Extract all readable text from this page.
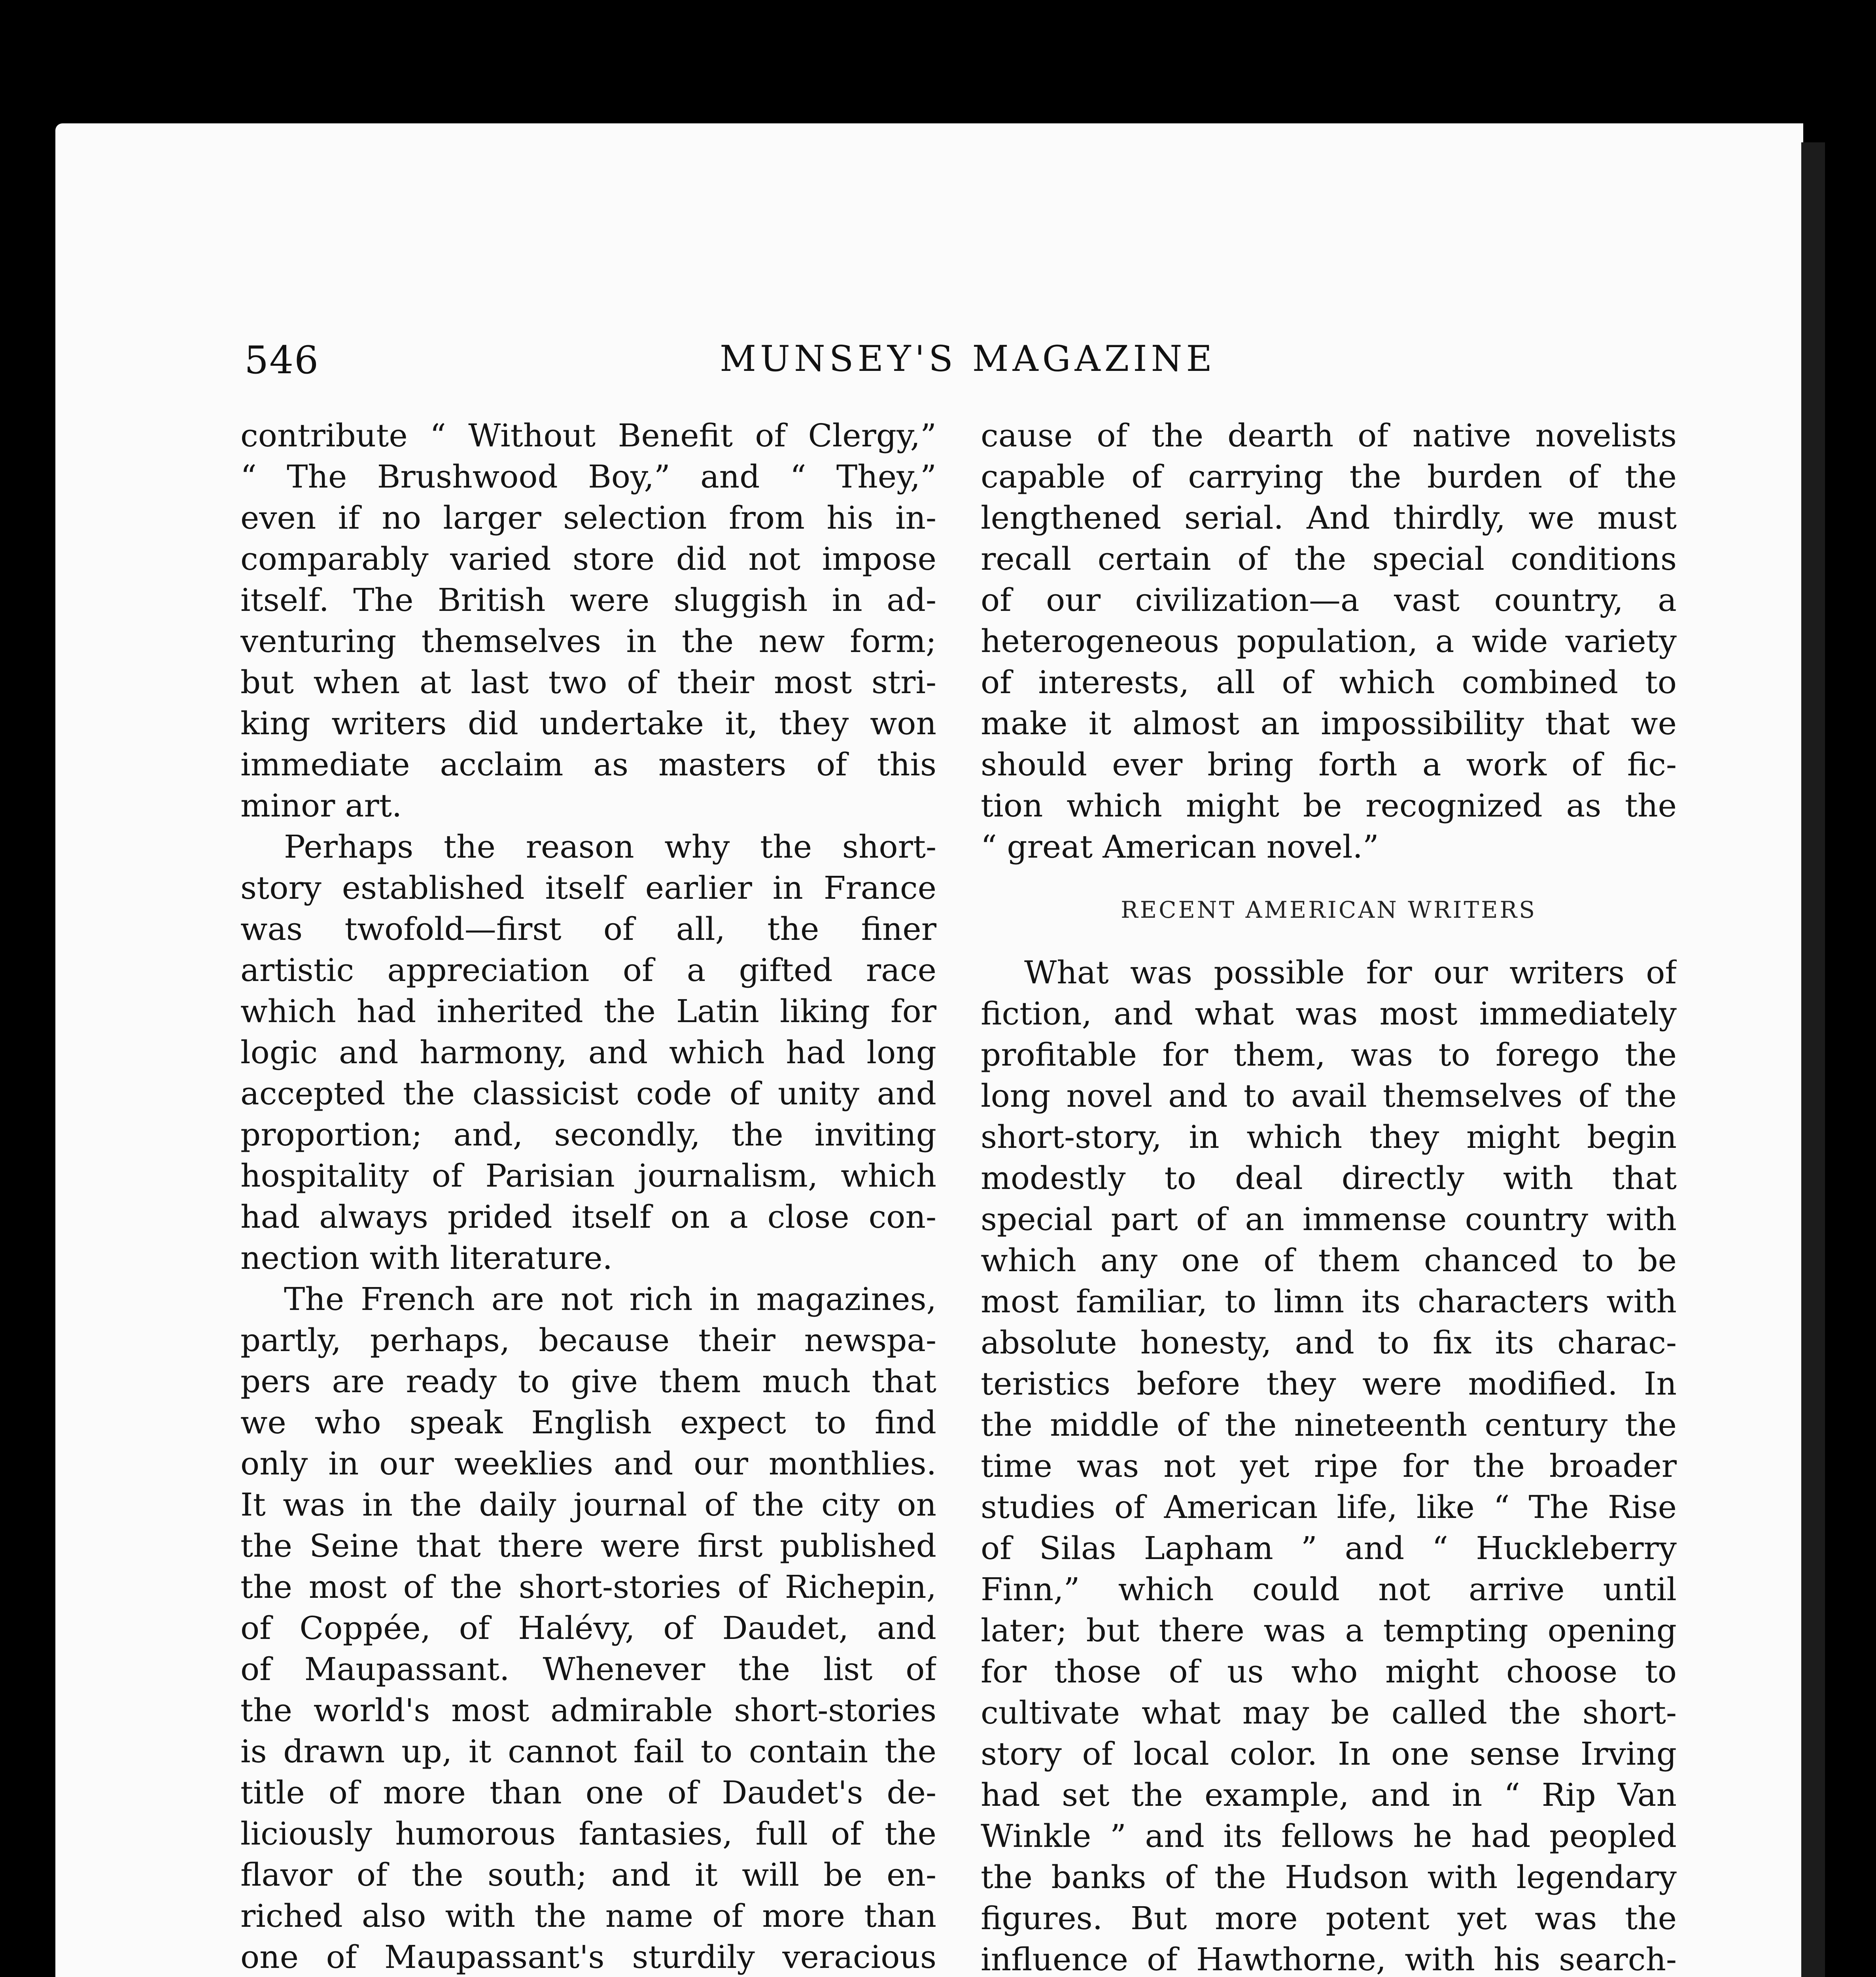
546	MUNSEY'S MAGAZINE
contribute “ Without Benefit of Clergy,”
“ The Brushwood Boy,” and “ They,”
even if no larger selection from his in-
comparably varied store did not impose
itself. The British were sluggish in ad-
venturing themselves in the new form;
but when at last two of their most stri-
king writers did undertake it, they won
immediate acclaim as masters of this
minor art.
Perhaps the reason why the short-
story established itself earlier in France
was twofold—first of all, the finer
artistic appreciation of a gifted race
which had inherited the Latin liking for
logic and harmony, and which had long
accepted the classicist code of unity and
proportion; and, secondly, the inviting
hospitality of Parisian journalism, which
had always prided itself on a close con-
nection with literature.
The French are not rich in magazines,
partly, perhaps, because their newspa-
pers are ready to give them much that
we who speak English expect to find
only in our weeklies and our monthlies.
It was in the daily journal of the city on
the Seine that there were first published
the most of the short-stories of Richepin,
of Coppée, of Halévy, of Daudet, and
of Maupassant. Whenever the list of
the world's most admirable short-stories
is drawn up, it cannot fail to contain the
title of more than one of Daudet's de-
liciously humorous fantasies, full of the
flavor of the south; and it will be en-
riched also with the name of more than
one of Maupassant's sturdily veracious
cause of the dearth of native novelists
capable of carrying the burden of the
lengthened serial. And thirdly, we must
recall certain of the special conditions
of our civilization—a vast country, a
heterogeneous population, a wide variety
of interests, all of which combined to
make it almost an impossibility that we
should ever bring forth a work of fic-
tion which might be recognized as the
“ great American novel.”
RECENT AMERICAN WRITERS
What was possible for our writers of
fiction, and what was most immediately
profitable for them, was to forego the
long novel and to avail themselves of the
short-story, in which they might begin
modestly to deal directly with that
special part of an immense country with
which any one of them chanced to be
most familiar, to limn its characters with
absolute honesty, and to fix its charac-
teristics before they were modified. In
the middle of the nineteenth century the
time was not yet ripe for the broader
studies of American life, like “ The Rise
of Silas Lapham ” and “ Huckleberry
Finn,” which could not arrive until
later; but there was a tempting opening
for those of us who might choose to
cultivate what may be called the short-
story of local color. In one sense Irving
had set the example, and in “ Rip Van
Winkle ” and its fellows he had peopled
the banks of the Hudson with legendary
figures. But more potent yet was the
influence of Hawthorne, with his search-
